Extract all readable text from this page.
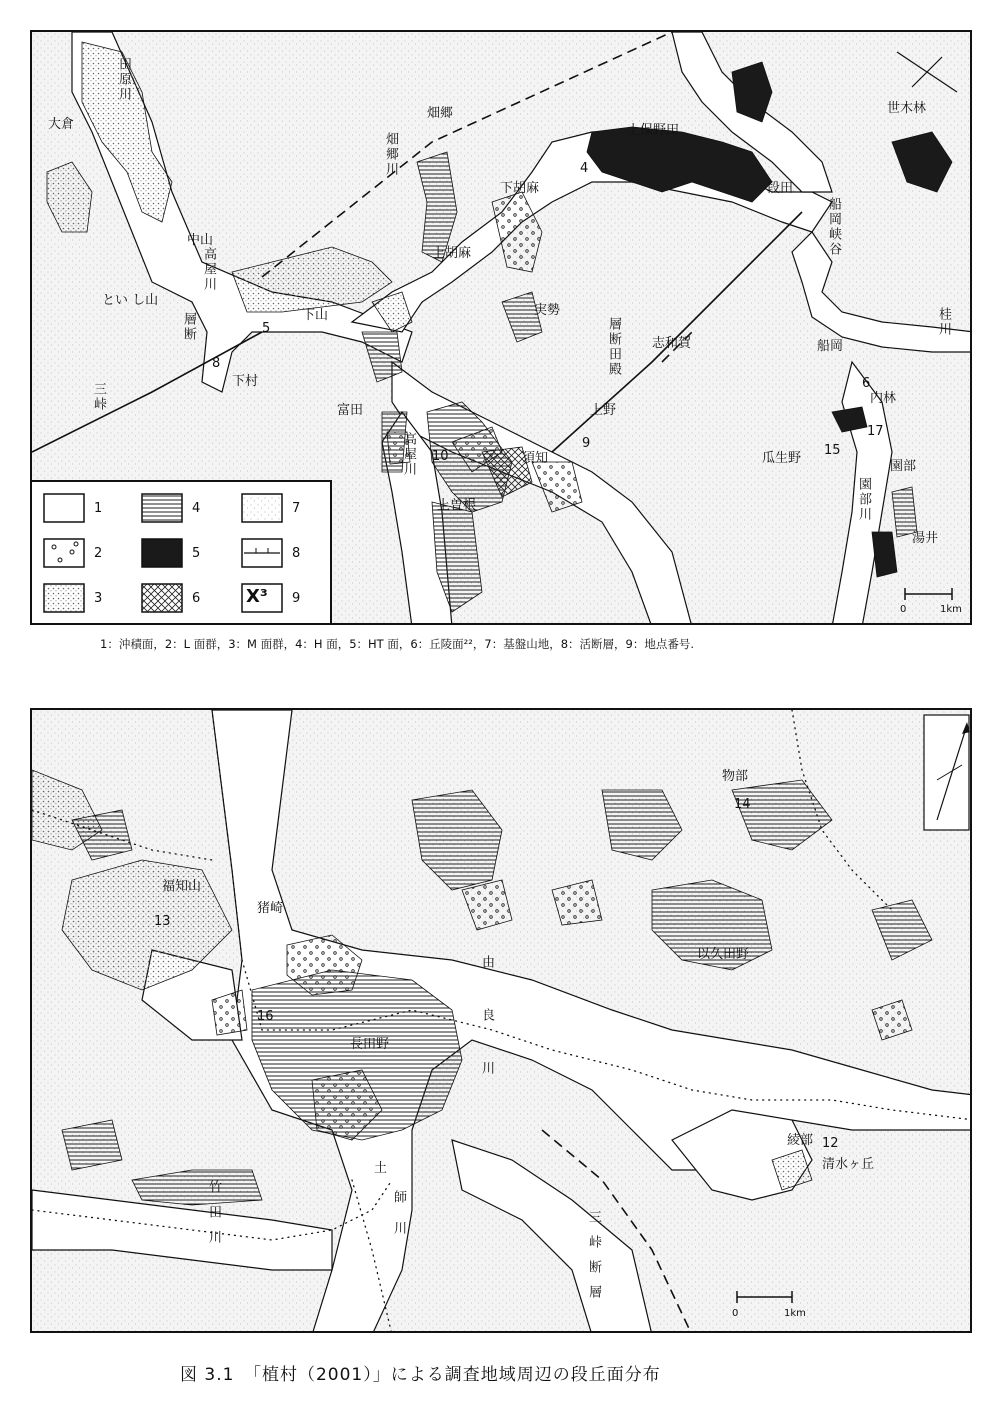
大倉
中山
とい し山
下山
下村
畑郷
上保野田
下胡麻
上胡麻
実勢
志和賀
段田
世木林
船岡
富田
須知
上野
上曽根
内林
瓜生野
園部
湯井
田原川
畑郷川
高屋川
層断
三峠
船岡峡谷
層断田殿
高屋川
園部川
桂川
4
5
6
8
9
10	15
17
0	1km
1
2
3
4
5
6
7
8
9
X³
1：沖積面，2：L 面群，3：M 面群，4：H 面，5：HT 面，6：丘陵面²²，7：基盤山地，8：活断層，9：地点番号.
福知山
猪崎
物部
以久田野
長田野
綾部
清水ヶ丘
土
由良川
師川
竹田川	三峠断層
12
13
14
16
0	1km
図 3.1　「植村（2001）」による調査地域周辺の段丘面分布
